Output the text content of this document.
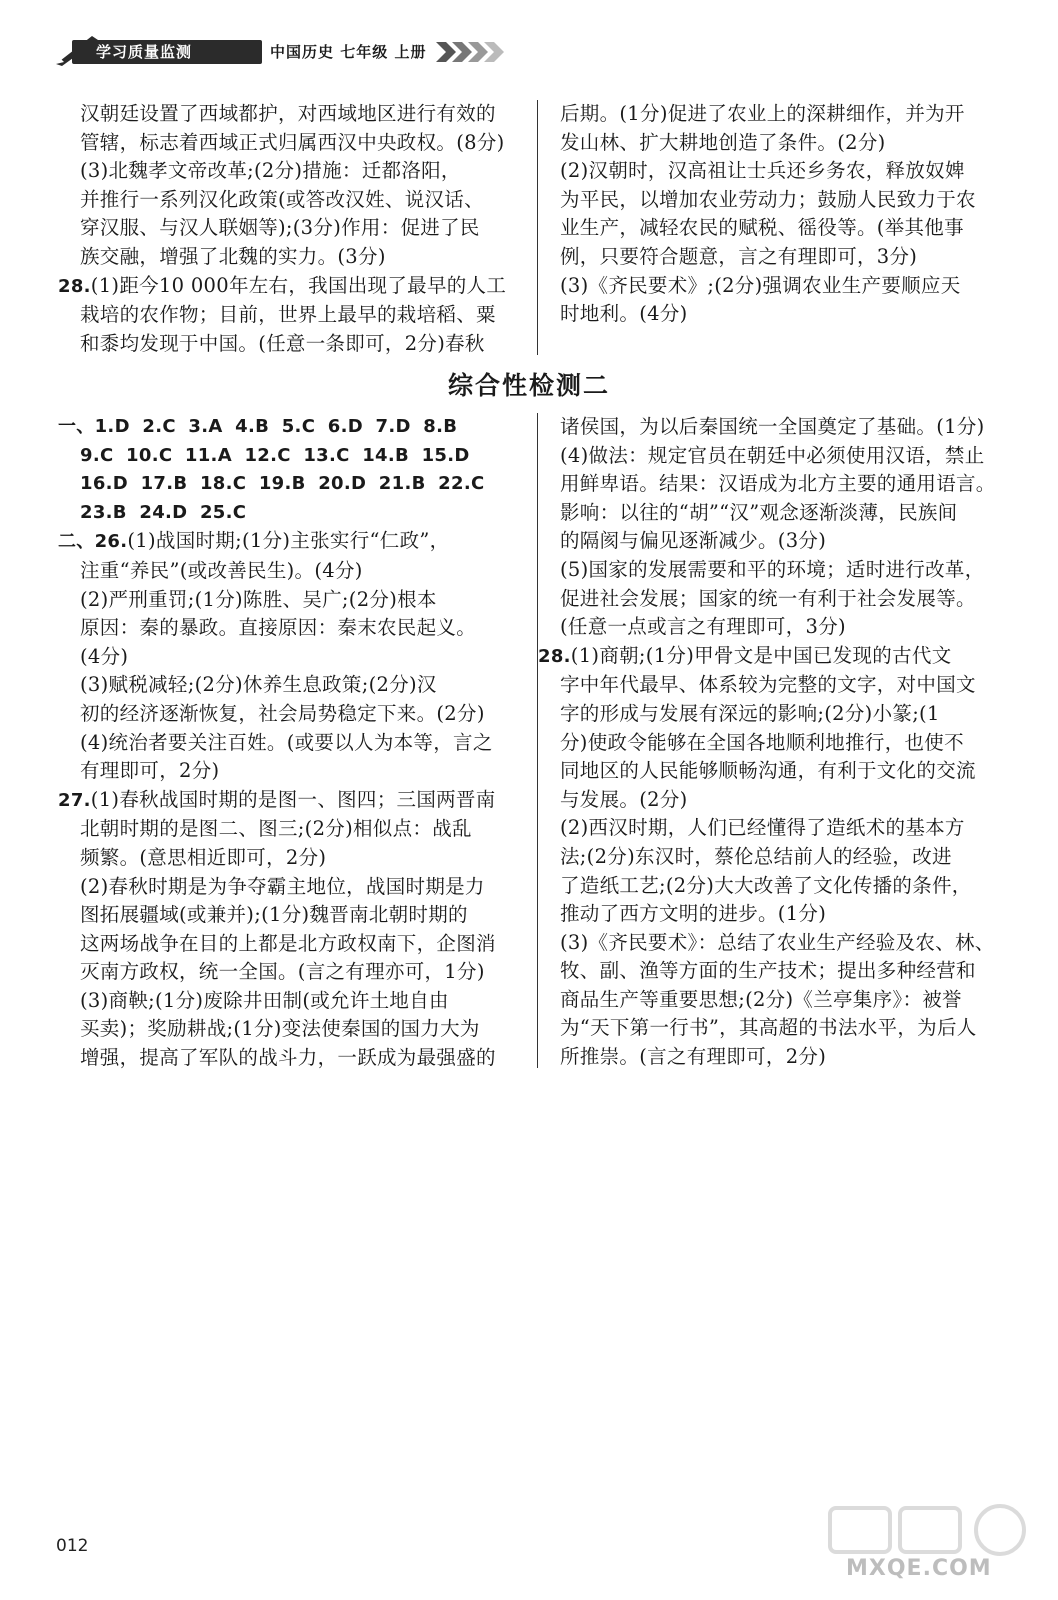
学习质量监测	中国历史 七年级 上册

汉朝廷设置了西域都护，对西域地区进行有效的

管辖，标志着西域正式归属西汉中央政权。(8分)

(3)北魏孝文帝改革;(2分)措施：迁都洛阳，

并推行一系列汉化政策(或答改汉姓、说汉话、

穿汉服、与汉人联姻等);(3分)作用：促进了民

族交融，增强了北魏的实力。(3分)

28.(1)距今10 000年左右，我国出现了最早的人工

栽培的农作物；目前，世界上最早的栽培稻、粟

和黍均发现于中国。(任意一条即可，2分)春秋

后期。(1分)促进了农业上的深耕细作，并为开

发山林、扩大耕地创造了条件。(2分)

(2)汉朝时，汉高祖让士兵还乡务农，释放奴婢

为平民，以增加农业劳动力；鼓励人民致力于农

业生产，减轻农民的赋税、徭役等。(举其他事

例，只要符合题意，言之有理即可，3分)

(3)《齐民要术》;(2分)强调农业生产要顺应天

时地利。(4分)

综合性检测二

一、1.D 2.C 3.A 4.B 5.C 6.D 7.D 8.B

9.C 10.C 11.A 12.C 13.C 14.B 15.D

16.D 17.B 18.C 19.B 20.D 21.B 22.C

23.B 24.D 25.C

二、26.(1)战国时期;(1分)主张实行“仁政”，

注重“养民”(或改善民生)。(4分)

(2)严刑重罚;(1分)陈胜、吴广;(2分)根本

原因：秦的暴政。直接原因：秦末农民起义。

(4分)

(3)赋税减轻;(2分)休养生息政策;(2分)汉

初的经济逐渐恢复，社会局势稳定下来。(2分)

(4)统治者要关注百姓。(或要以人为本等，言之

有理即可，2分)

27.(1)春秋战国时期的是图一、图四；三国两晋南

北朝时期的是图二、图三;(2分)相似点：战乱

频繁。(意思相近即可，2分)

(2)春秋时期是为争夺霸主地位，战国时期是力

图拓展疆域(或兼并);(1分)魏晋南北朝时期的

这两场战争在目的上都是北方政权南下，企图消

灭南方政权，统一全国。(言之有理亦可，1分)

(3)商鞅;(1分)废除井田制(或允许土地自由

买卖)；奖励耕战;(1分)变法使秦国的国力大为

增强，提高了军队的战斗力，一跃成为最强盛的

诸侯国，为以后秦国统一全国奠定了基础。(1分)

(4)做法：规定官员在朝廷中必须使用汉语，禁止

用鲜卑语。结果：汉语成为北方主要的通用语言。

影响：以往的“胡”“汉”观念逐渐淡薄，民族间

的隔阂与偏见逐渐减少。(3分)

(5)国家的发展需要和平的环境；适时进行改革，

促进社会发展；国家的统一有利于社会发展等。

(任意一点或言之有理即可，3分)

28.(1)商朝;(1分)甲骨文是中国已发现的古代文

字中年代最早、体系较为完整的文字，对中国文

字的形成与发展有深远的影响;(2分)小篆;(1

分)使政令能够在全国各地顺利地推行，也使不

同地区的人民能够顺畅沟通，有利于文化的交流

与发展。(2分)

(2)西汉时期，人们已经懂得了造纸术的基本方

法;(2分)东汉时，蔡伦总结前人的经验，改进

了造纸工艺;(2分)大大改善了文化传播的条件，

推动了西方文明的进步。(1分)

(3)《齐民要术》：总结了农业生产经验及农、林、

牧、副、渔等方面的生产技术；提出多种经营和

商品生产等重要思想;(2分)《兰亭集序》：被誉

为“天下第一行书”，其高超的书法水平，为后人

所推崇。(言之有理即可，2分)

012
MXQE.COM
